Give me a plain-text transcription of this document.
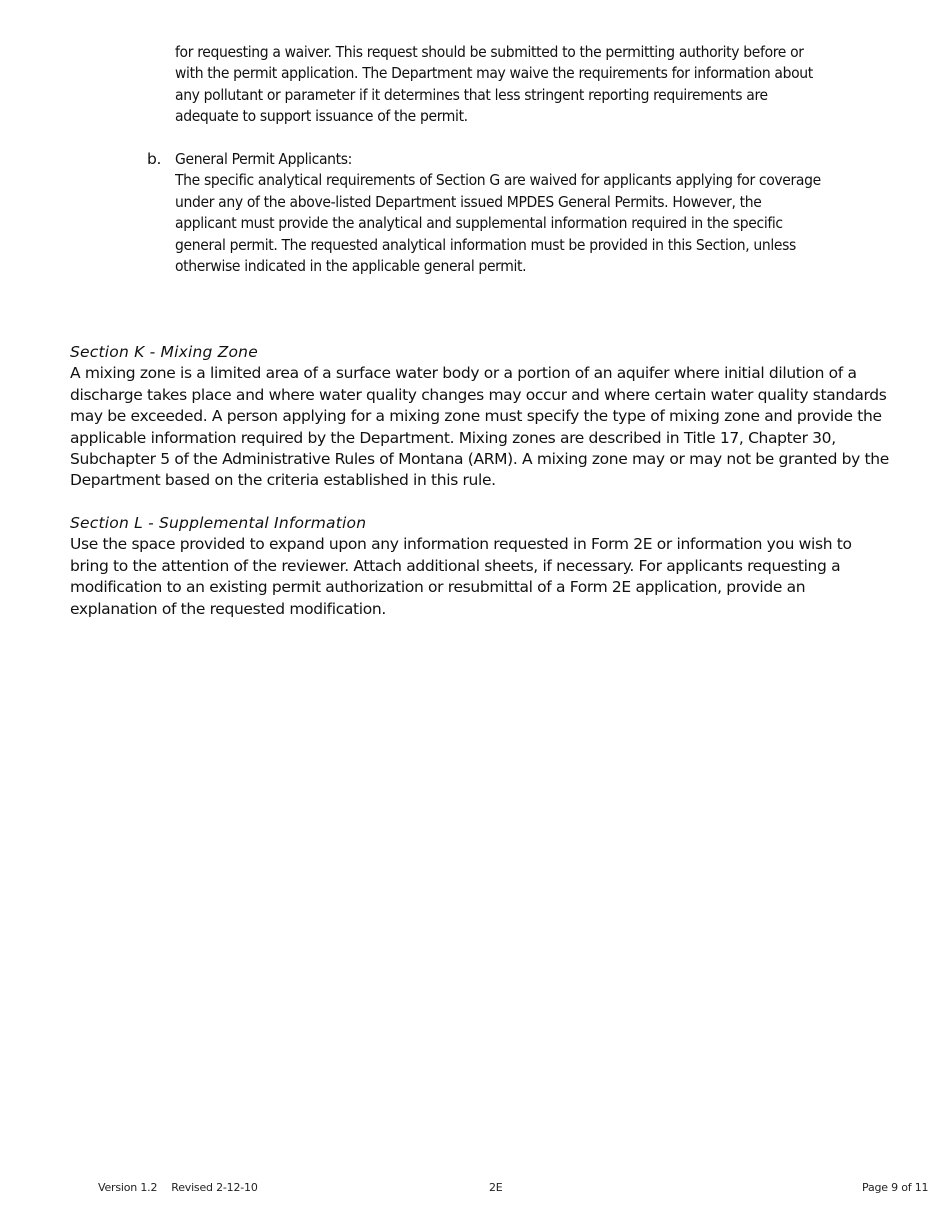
for requesting a waiver. This request should be submitted to the permitting authority before or with the permit application. The Department may waive the requirements for information about any pollutant or parameter if it determines that less stringent reporting requirements are adequate to support issuance of the permit.

b. General Permit Applicants:

The specific analytical requirements of Section G are waived for applicants applying for coverage under any of the above-listed Department issued MPDES General Permits. However, the applicant must provide the analytical and supplemental information required in the specific general permit. The requested analytical information must be provided in this Section, unless otherwise indicated in the applicable general permit.

Section K - Mixing Zone

A mixing zone is a limited area of a surface water body or a portion of an aquifer where initial dilution of a discharge takes place and where water quality changes may occur and where certain water quality standards may be exceeded. A person applying for a mixing zone must specify the type of mixing zone and provide the applicable information required by the Department. Mixing zones are described in Title 17, Chapter 30, Subchapter 5 of the Administrative Rules of Montana (ARM). A mixing zone may or may not be granted by the Department based on the criteria established in this rule.

Section L - Supplemental Information

Use the space provided to expand upon any information requested in Form 2E or information you wish to bring to the attention of the reviewer. Attach additional sheets, if necessary. For applicants requesting a modification to an existing permit authorization or resubmittal of a Form 2E application, provide an explanation of the requested modification.

Version 1.2 Revised 2-12-10	2E	Page 9 of 11
